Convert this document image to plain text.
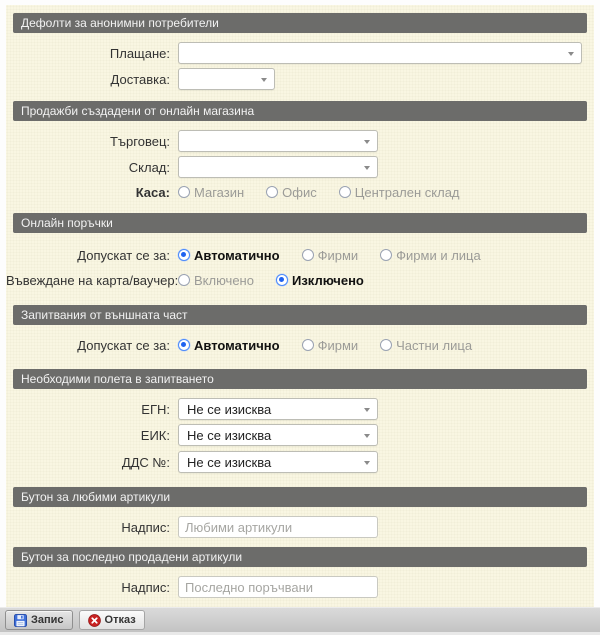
Дефолти за анонимни потребители
Плащане:
Доставка:
Продажби създадени от онлайн магазина
Търговец:
Склад:
Каса:	Магазин	Офис	Централен склад
Онлайн поръчки
Допускат се за:	Автоматично	Фирми	Фирми и лица
Въвеждане на карта/ваучер: Включено	Изключено
Запитвания от външната част
Допускат се за:	Автоматично	Фирми	Частни лица
Необходими полета в запитването
ЕГН:	Не се изисква
ЕИК:	Не се изисква
ДДС №:	Не се изисква
Бутон за любими артикули
Надпис:
Любими артикули
Бутон за последно продадени артикули
Надпис:
Последно поръчвани
Запис	Отказ
